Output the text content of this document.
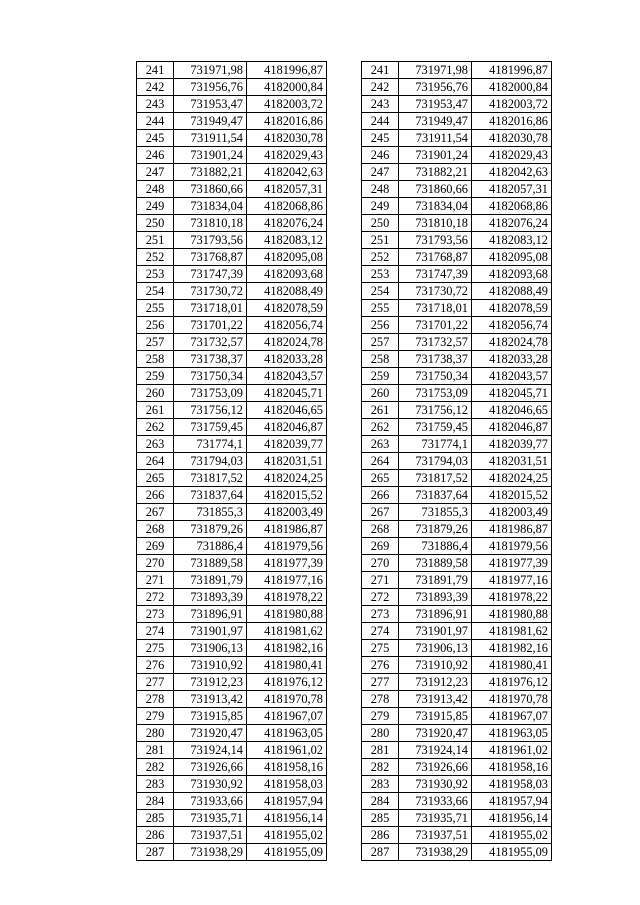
241	731971,98	4181996,87
242	731956,76	4182000,84
243	731953,47	4182003,72
244	731949,47	4182016,86
245	731911,54	4182030,78
246	731901,24	4182029,43
247	731882,21	4182042,63
248	731860,66	4182057,31
249	731834,04	4182068,86
250	731810,18	4182076,24
251	731793,56	4182083,12
252	731768,87	4182095,08
253	731747,39	4182093,68
254	731730,72	4182088,49
255	731718,01	4182078,59
256	731701,22	4182056,74
257	731732,57	4182024,78
258	731738,37	4182033,28
259	731750,34	4182043,57
260	731753,09	4182045,71
261	731756,12	4182046,65
262	731759,45	4182046,87
263	731774,1	4182039,77
264	731794,03	4182031,51
265	731817,52	4182024,25
266	731837,64	4182015,52
267	731855,3	4182003,49
268	731879,26	4181986,87
269	731886,4	4181979,56
270	731889,58	4181977,39
271	731891,79	4181977,16
272	731893,39	4181978,22
273	731896,91	4181980,88
274	731901,97	4181981,62
275	731906,13	4181982,16
276	731910,92	4181980,41
277	731912,23	4181976,12
278	731913,42	4181970,78
279	731915,85	4181967,07
280	731920,47	4181963,05
281	731924,14	4181961,02
282	731926,66	4181958,16
283	731930,92	4181958,03
284	731933,66	4181957,94
285	731935,71	4181956,14
286	731937,51	4181955,02
287	731938,29	4181955,09
241	731971,98	4181996,87
242	731956,76	4182000,84
243	731953,47	4182003,72
244	731949,47	4182016,86
245	731911,54	4182030,78
246	731901,24	4182029,43
247	731882,21	4182042,63
248	731860,66	4182057,31
249	731834,04	4182068,86
250	731810,18	4182076,24
251	731793,56	4182083,12
252	731768,87	4182095,08
253	731747,39	4182093,68
254	731730,72	4182088,49
255	731718,01	4182078,59
256	731701,22	4182056,74
257	731732,57	4182024,78
258	731738,37	4182033,28
259	731750,34	4182043,57
260	731753,09	4182045,71
261	731756,12	4182046,65
262	731759,45	4182046,87
263	731774,1	4182039,77
264	731794,03	4182031,51
265	731817,52	4182024,25
266	731837,64	4182015,52
267	731855,3	4182003,49
268	731879,26	4181986,87
269	731886,4	4181979,56
270	731889,58	4181977,39
271	731891,79	4181977,16
272	731893,39	4181978,22
273	731896,91	4181980,88
274	731901,97	4181981,62
275	731906,13	4181982,16
276	731910,92	4181980,41
277	731912,23	4181976,12
278	731913,42	4181970,78
279	731915,85	4181967,07
280	731920,47	4181963,05
281	731924,14	4181961,02
282	731926,66	4181958,16
283	731930,92	4181958,03
284	731933,66	4181957,94
285	731935,71	4181956,14
286	731937,51	4181955,02
287	731938,29	4181955,09
